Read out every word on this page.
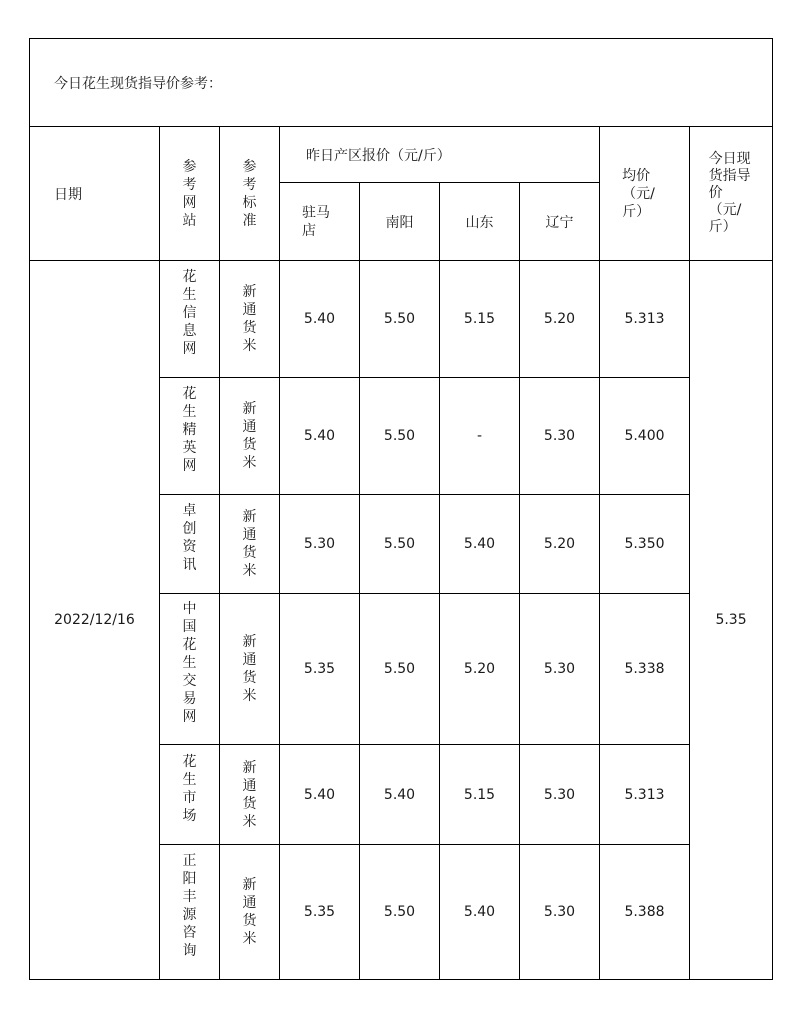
今日花生现货指导价参考：								
日期	参考网站	参考标准	昨日产区报价（元/斤）				均价（元/斤）	今日现货指导价（元/斤）

			驻马店	南阳	山东	辽宁		
2022/12/16	花生信息网	新通货米	5.40	5.50	5.15	5.20	5.313	5.35

	花生精英网	新通货米	5.40	5.50	-	5.30	5.400	

	卓创资讯	新通货米	5.30	5.50	5.40	5.20	5.350	

	中国花生交易网	新通货米	5.35	5.50	5.20	5.30	5.338	

	花生市场	新通货米	5.40	5.40	5.15	5.30	5.313	

	正阳丰源咨询	新通货米	5.35	5.50	5.40	5.30	5.388	
